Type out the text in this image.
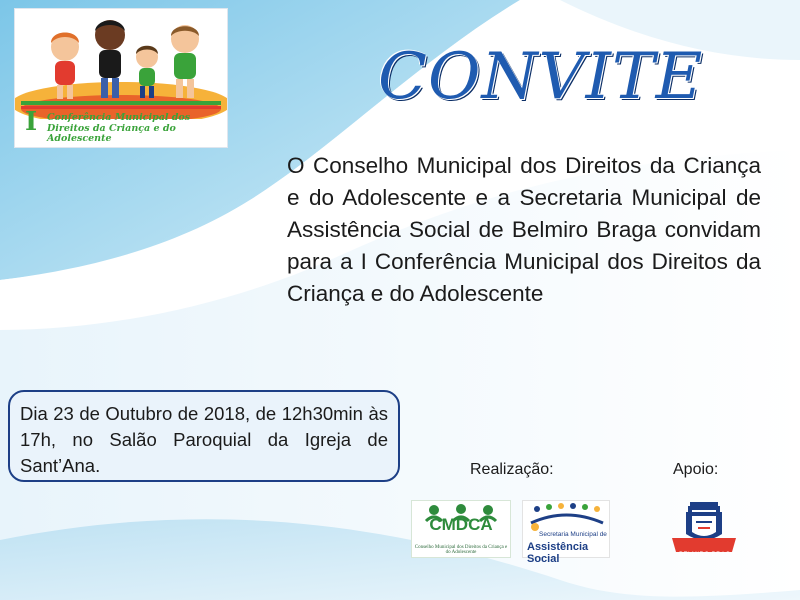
I Conferência Municipal dos Direitos da Criança e do Adolescente
CONVITE
O Conselho Municipal dos Direitos da Criança e do Adolescente e a Secretaria Municipal de Assistência Social de Belmiro Braga convidam para a I Conferência Municipal dos Direitos da Criança e do Adolescente
Dia 23 de Outubro de 2018, de 12h30min às 17h, no Salão Paroquial da Igreja de Sant’Ana.	Realização:	Apoio:
CMDCA
Conselho Municipal dos Direitos da Criança e do Adolescente
Secretaria Municipal de
Assistência Social	BELMIRO BRAGA
